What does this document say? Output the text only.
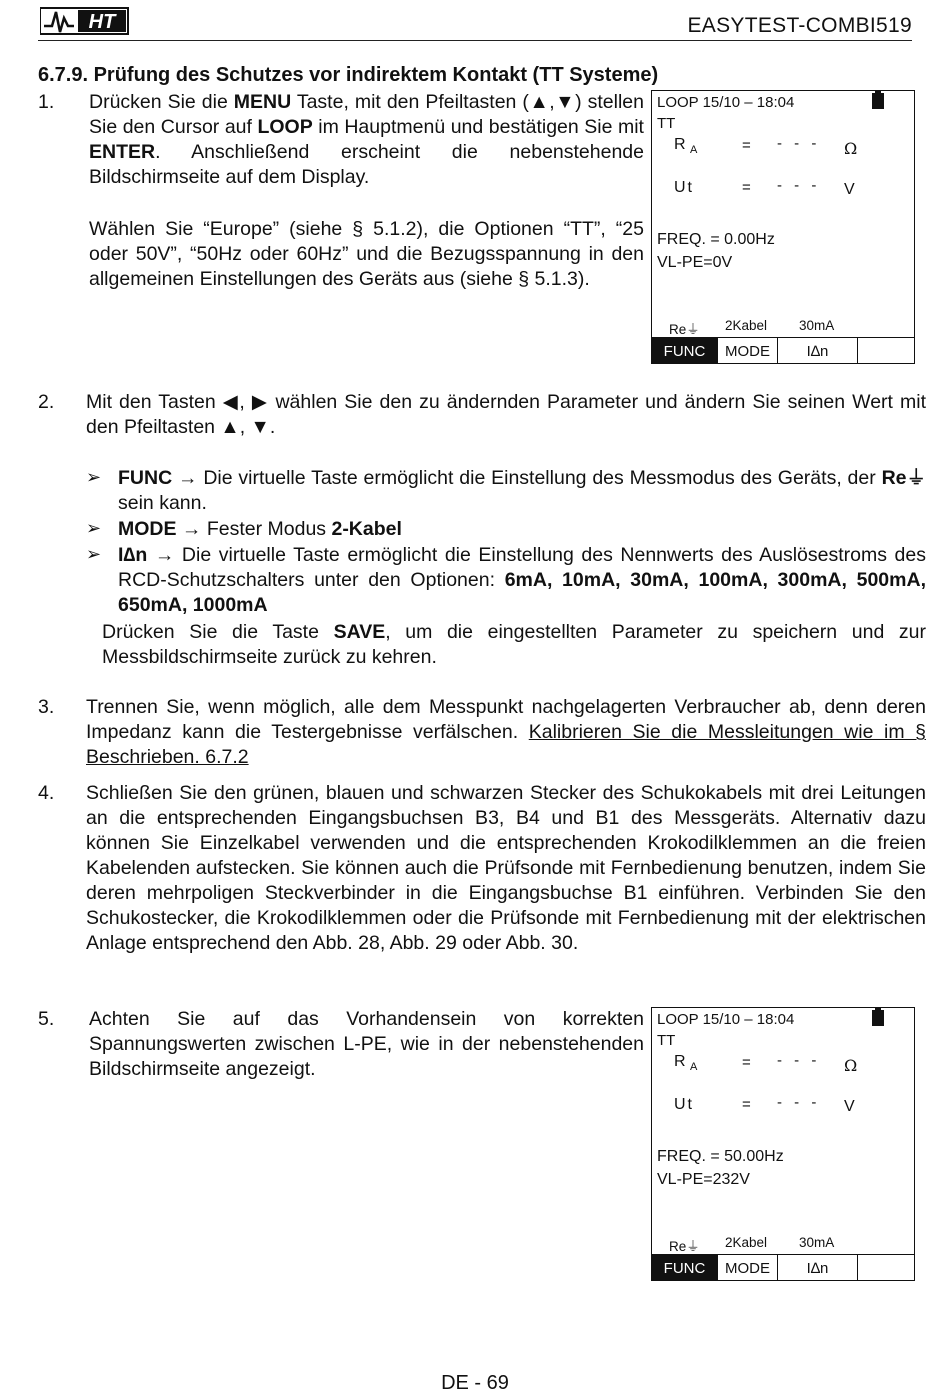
HT	EASYTEST-COMBI519
6.7.9. Prüfung des Schutzes vor indirektem Kontakt (TT Systeme)
1. Drücken Sie die MENU Taste, mit den Pfeiltasten (▲,▼) stellen Sie den Cursor auf LOOP im Hauptmenü und bestätigen Sie mit ENTER. Anschließend erscheint die nebenstehende Bildschirmseite auf dem Display.
Wählen Sie “Europe” (siehe § 5.1.2), die Optionen “TT”, “25 oder 50V”, “50Hz oder 60Hz” und die Bezugsspannung in den allgemeinen Einstellungen des Geräts aus (siehe § 5.1.3).
LOOP 15/10 – 18:04
TT
R $_A$	= - - - Ω
Ut	= - - - V
FREQ. = 0.00Hz
VL-PE=0V
Re⏚ 2Kabel 30mA
FUNC	MODE	I∆n
2. Mit den Tasten ◀, ▶ wählen Sie den zu ändernden Parameter und ändern Sie seinen Wert mit den Pfeiltasten ▲, ▼.
➢ FUNC → Die virtuelle Taste ermöglicht die Einstellung des Messmodus des Geräts, der Re⏚ sein kann.
➢ MODE → Fester Modus 2-Kabel
➢ I∆n → Die virtuelle Taste ermöglicht die Einstellung des Nennwerts des Auslösestroms des RCD-Schutzschalters unter den Optionen: 6mA, 10mA, 30mA, 100mA, 300mA, 500mA, 650mA, 1000mA
Drücken Sie die Taste SAVE, um die eingestellten Parameter zu speichern und zur Messbildschirmseite zurück zu kehren.
3. Trennen Sie, wenn möglich, alle dem Messpunkt nachgelagerten Verbraucher ab, denn deren Impedanz kann die Testergebnisse verfälschen. Kalibrieren Sie die Messleitungen wie im § Beschrieben. 6.7.2
4. Schließen Sie den grünen, blauen und schwarzen Stecker des Schukokabels mit drei Leitungen an die entsprechenden Eingangsbuchsen B3, B4 und B1 des Messgeräts. Alternativ dazu können Sie Einzelkabel verwenden und die entsprechenden Krokodilklemmen an die freien Kabelenden aufstecken. Sie können auch die Prüfsonde mit Fernbedienung benutzen, indem Sie deren mehrpoligen Steckverbinder in die Eingangsbuchse B1 einführen. Verbinden Sie den Schukostecker, die Krokodilklemmen oder die Prüfsonde mit Fernbedienung mit der elektrischen Anlage entsprechend den Abb. 28, Abb. 29 oder Abb. 30.
5. Achten Sie auf das Vorhandensein von korrekten Spannungswerten zwischen L-PE, wie in der nebenstehenden Bildschirmseite angezeigt.
LOOP 15/10 – 18:04
TT
R $_A$	= - - - Ω
Ut	= - - - V
FREQ. = 50.00Hz
VL-PE=232V
Re⏚ 2Kabel 30mA
FUNC	MODE	I∆n
DE - 69
